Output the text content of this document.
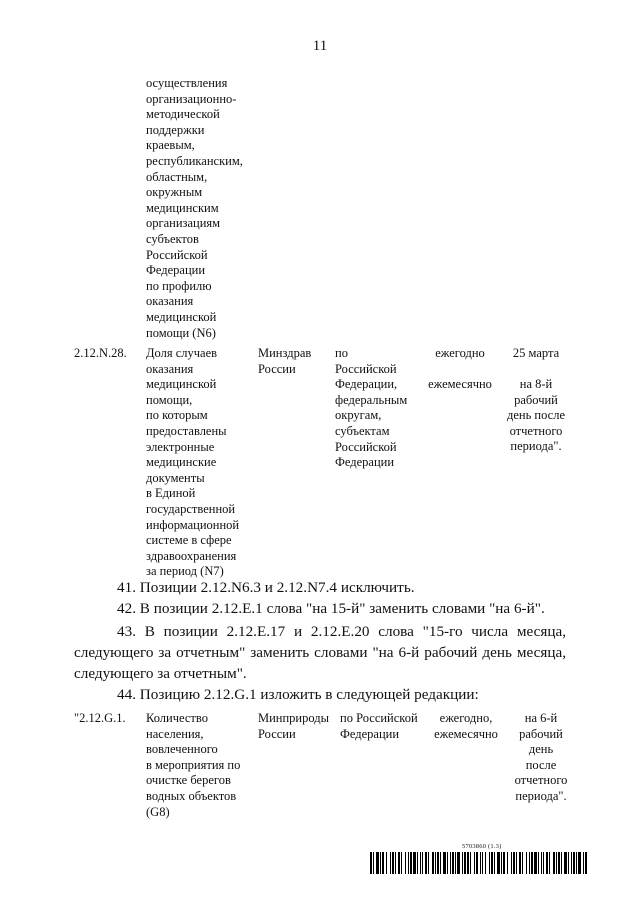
11
осуществления
организационно-
методической
поддержки
краевым,
республиканским,
областным,
окружным
медицинским
организациям
субъектов
Российской
Федерации
по профилю
оказания
медицинской
помощи (N6)
2.12.N.28. Доля случаев
оказания
медицинской
помощи,
по которым
предоставлены
электронные
медицинские
документы
в Единой
государственной
информационной
системе в сфере
здравоохранения
за период (N7)
Минздрав
России
по
Российской
Федерации,
федеральным
округам,
субъектам
Российской
Федерации
ежегодно
ежемесячно
25 марта
на 8-й
рабочий
день после
отчетного
периода".
41. Позиции 2.12.N6.3 и 2.12.N7.4 исключить.
42. В позиции 2.12.E.1 слова "на 15-й" заменить словами "на 6-й".
43. В позиции 2.12.E.17 и 2.12.E.20 слова "15-го числа месяца,
следующего за отчетным" заменить словами "на 6-й рабочий день месяца,
следующего за отчетным".
44. Позицию 2.12.G.1 изложить в следующей редакции:
"2.12.G.1. Количество
населения,
вовлеченного
в мероприятия по
очистке берегов
водных объектов
(G8)
Минприроды
России
по Российской
Федерации
ежегодно,
ежемесячно
на 6-й
рабочий
день
после
отчетного
периода".
5703860 (1.3)
